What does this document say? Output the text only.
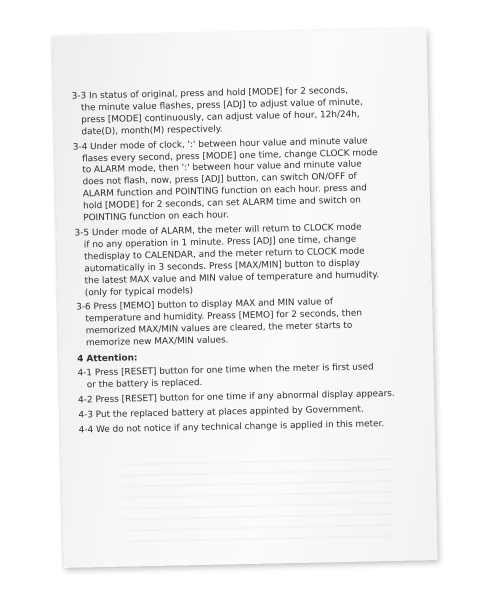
3-3 In status of original, press and hold [MODE] for 2 seconds,
the minute value flashes, press [ADJ] to adjust value of minute,
press [MODE] continuously, can adjust value of hour, 12h/24h,
date(D), month(M) respectively.
3-4 Under mode of clock, ':' between hour value and minute value
flases every second, press [MODE] one time, change CLOCK mode
to ALARM mode, then ':' between hour value and minute value
does not flash, now, press [ADJ] button, can switch ON/OFF of
ALARM function and POINTING function on each hour. press and
hold [MODE] for 2 seconds, can set ALARM time and switch on
POINTING function on each hour.
3-5 Under mode of ALARM, the meter will return to CLOCK mode
if no any operation in 1 minute. Press [ADJ] one time, change
thedisplay to CALENDAR, and the meter return to CLOCK mode
automatically in 3 seconds. Press [MAX/MIN] button to display
the latest MAX value and MIN value of temperature and humudity.
(only for typical models)
3-6 Press [MEMO] button to display MAX and MIN value of
temperature and humidity. Preass [MEMO] for 2 seconds, then
memorized MAX/MIN values are cleared, the meter starts to
memorize new MAX/MIN values.
4 Attention:
4-1 Press [RESET] button for one time when the meter is first used
or the battery is replaced.
4-2 Press [RESET] button for one time if any abnormal display appears.
4-3 Put the replaced battery at places appinted by Government.
4-4 We do not notice if any technical change is applied in this meter.
